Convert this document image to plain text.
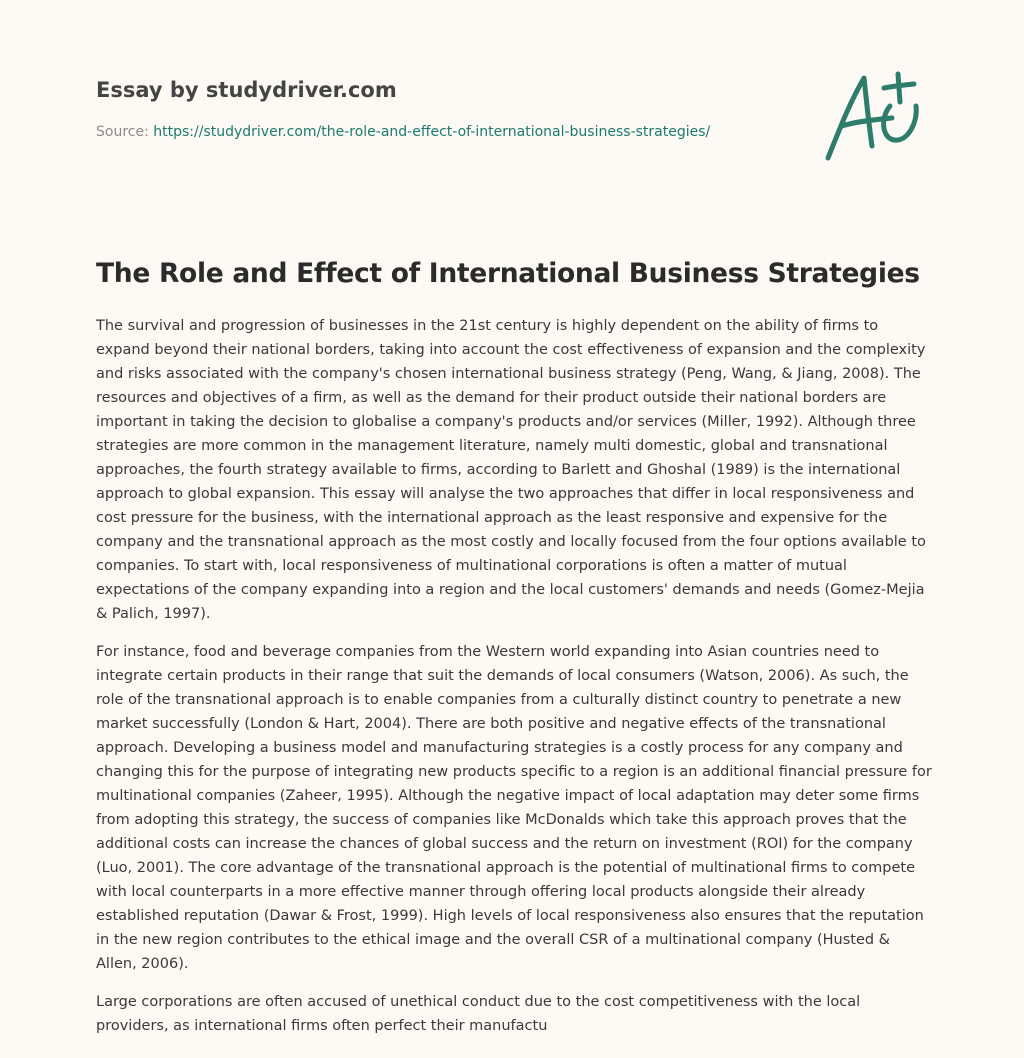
Essay by studydriver.com
Source: https://studydriver.com/the-role-and-effect-of-international-business-strategies/
The Role and Effect of International Business Strategies

The survival and progression of businesses in the 21st century is highly dependent on the ability of firms to expand beyond their national borders, taking into account the cost effectiveness of expansion and the complexity and risks associated with the company's chosen international business strategy (Peng, Wang, & Jiang, 2008). The resources and objectives of a firm, as well as the demand for their product outside their national borders are important in taking the decision to globalise a company's products and/or services (Miller, 1992). Although three strategies are more common in the management literature, namely multi domestic, global and transnational approaches, the fourth strategy available to firms, according to Barlett and Ghoshal (1989) is the international approach to global expansion. This essay will analyse the two approaches that differ in local responsiveness and cost pressure for the business, with the international approach as the least responsive and expensive for the company and the transnational approach as the most costly and locally focused from the four options available to companies. To start with, local responsiveness of multinational corporations is often a matter of mutual expectations of the company expanding into a region and the local customers' demands and needs (Gomez-Mejia & Palich, 1997).

For instance, food and beverage companies from the Western world expanding into Asian countries need to integrate certain products in their range that suit the demands of local consumers (Watson, 2006). As such, the role of the transnational approach is to enable companies from a culturally distinct country to penetrate a new market successfully (London & Hart, 2004). There are both positive and negative effects of the transnational approach. Developing a business model and manufacturing strategies is a costly process for any company and changing this for the purpose of integrating new products specific to a region is an additional financial pressure for multinational companies (Zaheer, 1995). Although the negative impact of local adaptation may deter some firms from adopting this strategy, the success of companies like McDonalds which take this approach proves that the additional costs can increase the chances of global success and the return on investment (ROI) for the company (Luo, 2001). The core advantage of the transnational approach is the potential of multinational firms to compete with local counterparts in a more effective manner through offering local products alongside their already established reputation (Dawar & Frost, 1999). High levels of local responsiveness also ensures that the reputation in the new region contributes to the ethical image and the overall CSR of a multinational company (Husted & Allen, 2006).

Large corporations are often accused of unethical conduct due to the cost competitiveness with the local providers, as international firms often perfect their manufactu
